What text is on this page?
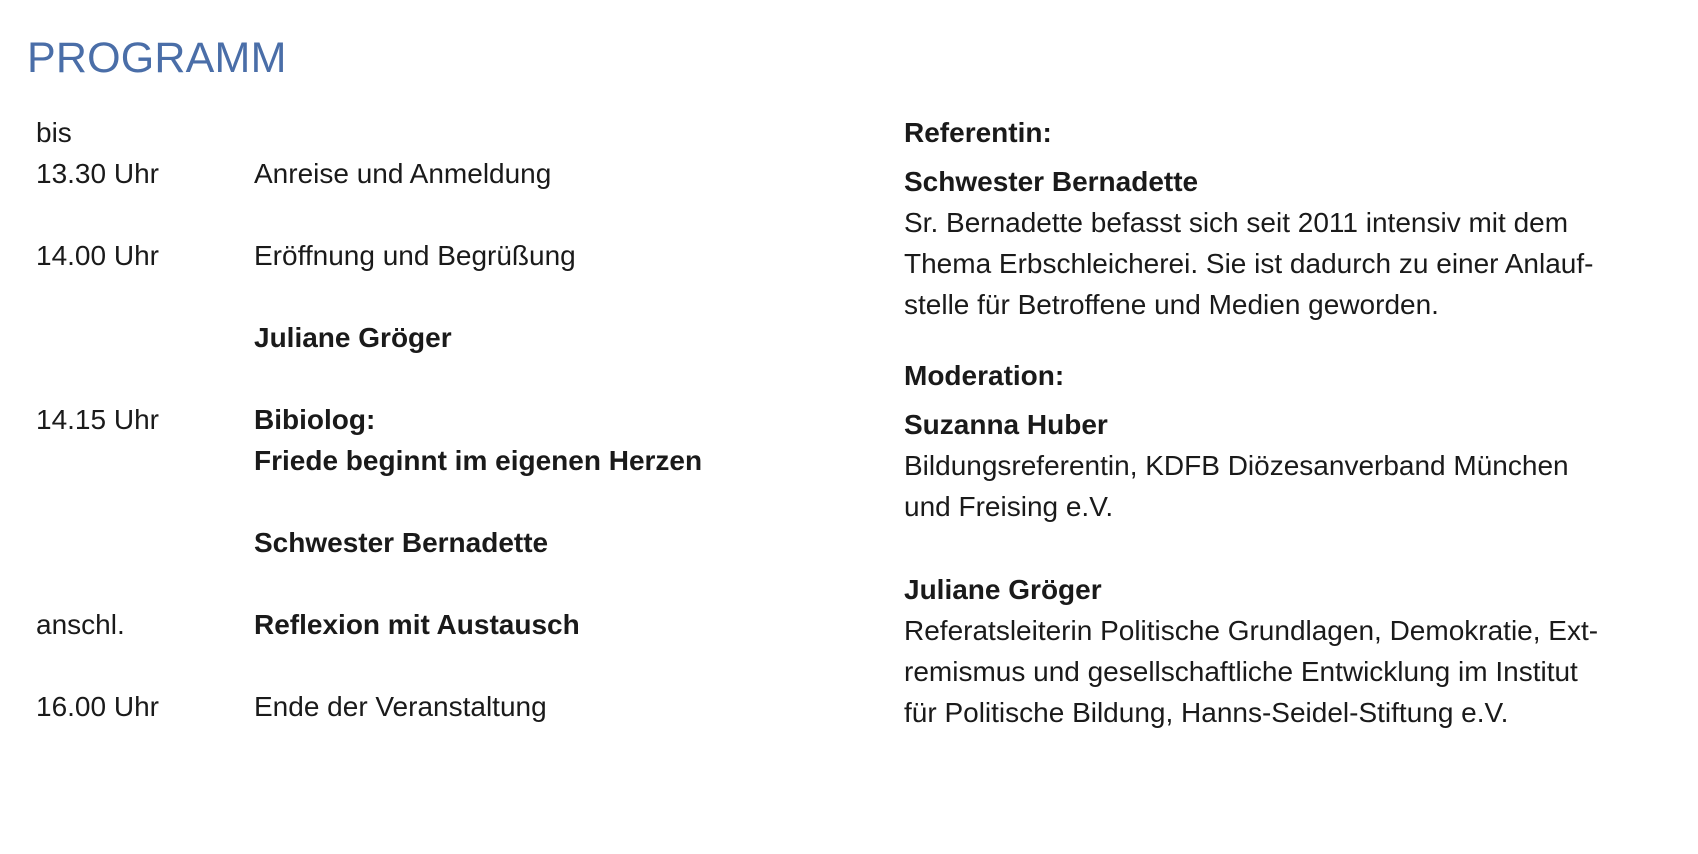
PROGRAMM
bis
13.30 Uhr	Anreise und Anmeldung
14.00 Uhr	Eröffnung und Begrüßung
Juliane Gröger
14.15 Uhr	Bibiolog:
Friede beginnt im eigenen Herzen
Schwester Bernadette
anschl.	Reflexion mit Austausch
16.00 Uhr	Ende der Veranstaltung

Referentin:

Schwester Bernadette

Sr. Bernadette befasst sich seit 2011 intensiv mit dem

Thema Erbschleicherei. Sie ist dadurch zu einer Anlauf-

stelle für Betroffene und Medien geworden.

Moderation:

Suzanna Huber

Bildungsreferentin, KDFB Diözesanverband München

und Freising e.V.

Juliane Gröger

Referatsleiterin Politische Grundlagen, Demokratie, Ext-

remismus und gesellschaftliche Entwicklung im Institut

für Politische Bildung, Hanns-Seidel-Stiftung e.V.
